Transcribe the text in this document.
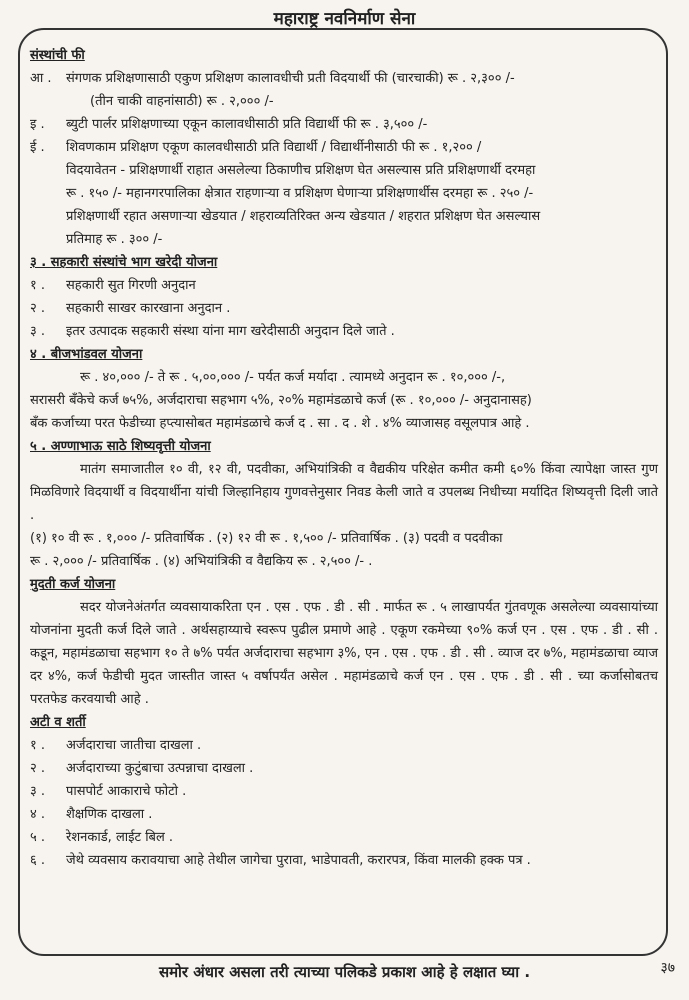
महाराष्ट्र नवनिर्माण सेना
संस्थांची फी
आ .	संगणक प्रशिक्षणासाठी एकुण प्रशिक्षण कालावधीची प्रती विदयार्थी फी (चारचाकी) रू . २,३०० /-
(तीन चाकी वाहनांसाठी) रू . २,००० /-
इ .	ब्युटी पार्लर प्रशिक्षणाच्या एकून कालावधीसाठी प्रति विद्यार्थी फी रू . ३,५०० /-
ई .	शिवणकाम प्रशिक्षण एकूण कालवधीसाठी प्रति विद्यार्थी / विद्यार्थीनीसाठी फी रू . १,२०० /
विदयावेतन - प्रशिक्षणार्थी राहात असलेल्या ठिकाणीच प्रशिक्षण घेत असल्यास प्रति प्रशिक्षणार्थी दरमहा
रू . १५० /- महानगरपालिका क्षेत्रात राहणाऱ्या व प्रशिक्षण घेणाऱ्या प्रशिक्षणार्थीस दरमहा रू . २५० /-
प्रशिक्षणार्थी रहात असणाऱ्या खेडयात / शहराव्यतिरिक्त अन्य खेडयात / शहरात प्रशिक्षण घेत असल्यास
प्रतिमाह रू . ३०० /-
३ . सहकारी संस्थांचे भाग खरेदी योजना
१ .	सहकारी सुत गिरणी अनुदान
२ .	सहकारी साखर कारखाना अनुदान .
३ .	इतर उत्पादक सहकारी संस्था यांना माग खरेदीसाठी अनुदान दिले जाते .
४ . बीजभांडवल योजना
रू . ४०,००० /- ते रू . ५,००,००० /- पर्यत कर्ज मर्यादा . त्यामध्ये अनुदान रू . १०,००० /-,
सरासरी बँकेचे कर्ज ७५%, अर्जदाराचा सहभाग ५%, २०% महामंडळाचे कर्ज (रू . १०,००० /- अनुदानासह)
बँक कर्जाच्या परत फेडीच्या हप्त्यासोबत महामंडळाचे कर्ज द . सा . द . शे . ४% व्याजासह वसूलपात्र आहे .
५ . अण्णाभाऊ साठे शिष्यवृत्ती योजना
मातंग समाजातील १० वी, १२ वी, पदवीका, अभियांत्रिकी व वैद्यकीय परिक्षेत कमीत कमी ६०% किंवा त्यापेक्षा जास्त गुण मिळविणारे विदयार्थी व विदयार्थीना यांची जिल्हानिहाय गुणवत्तेनुसार निवड केली जाते व उपलब्ध निधीच्या मर्यादित शिष्यवृत्ती दिली जाते .
(१) १० वी रू . १,००० /- प्रतिवार्षिक . (२) १२ वी रू . १,५०० /- प्रतिवार्षिक . (३) पदवी व पदवीका
रू . २,००० /- प्रतिवार्षिक . (४) अभियांत्रिकी व वैद्यकिय रू . २,५०० /- .
मुदती कर्ज योजना
सदर योजनेअंतर्गत व्यवसायाकरिता एन . एस . एफ . डी . सी . मार्फत रू . ५ लाखापर्यत गुंतवणूक असलेल्या व्यवसायांच्या योजनांना मुदती कर्ज दिले जाते . अर्थसहाय्याचे स्वरूप पुढील प्रमाणे आहे . एकूण रकमेच्या ९०% कर्ज एन . एस . एफ . डी . सी . कडून, महामंडळाचा सहभाग १० ते ७% पर्यत अर्जदाराचा सहभाग ३%, एन . एस . एफ . डी . सी . व्याज दर ७%, महामंडळाचा व्याज दर ४%, कर्ज फेडीची मुदत जास्तीत जास्त ५ वर्षापर्यंत असेल . महामंडळाचे कर्ज एन . एस . एफ . डी . सी . च्या कर्जासोबतच परतफेड करवयाची आहे .
अटी व शर्ती
१ .	अर्जदाराचा जातीचा दाखला .
२ .	अर्जदाराच्या कुटुंबाचा उत्पन्नाचा दाखला .
३ .	पासपोर्ट आकाराचे फोटो .
४ .	शैक्षणिक दाखला .
५ .	रेशनकार्ड, लाईट बिल .
६ .	जेथे व्यवसाय करावयाचा आहे तेथील जागेचा पुरावा, भाडेपावती, करारपत्र, किंवा मालकी हक्क पत्र .
समोर अंधार असला तरी त्याच्या पलिकडे प्रकाश आहे हे लक्षात घ्या .	३७
